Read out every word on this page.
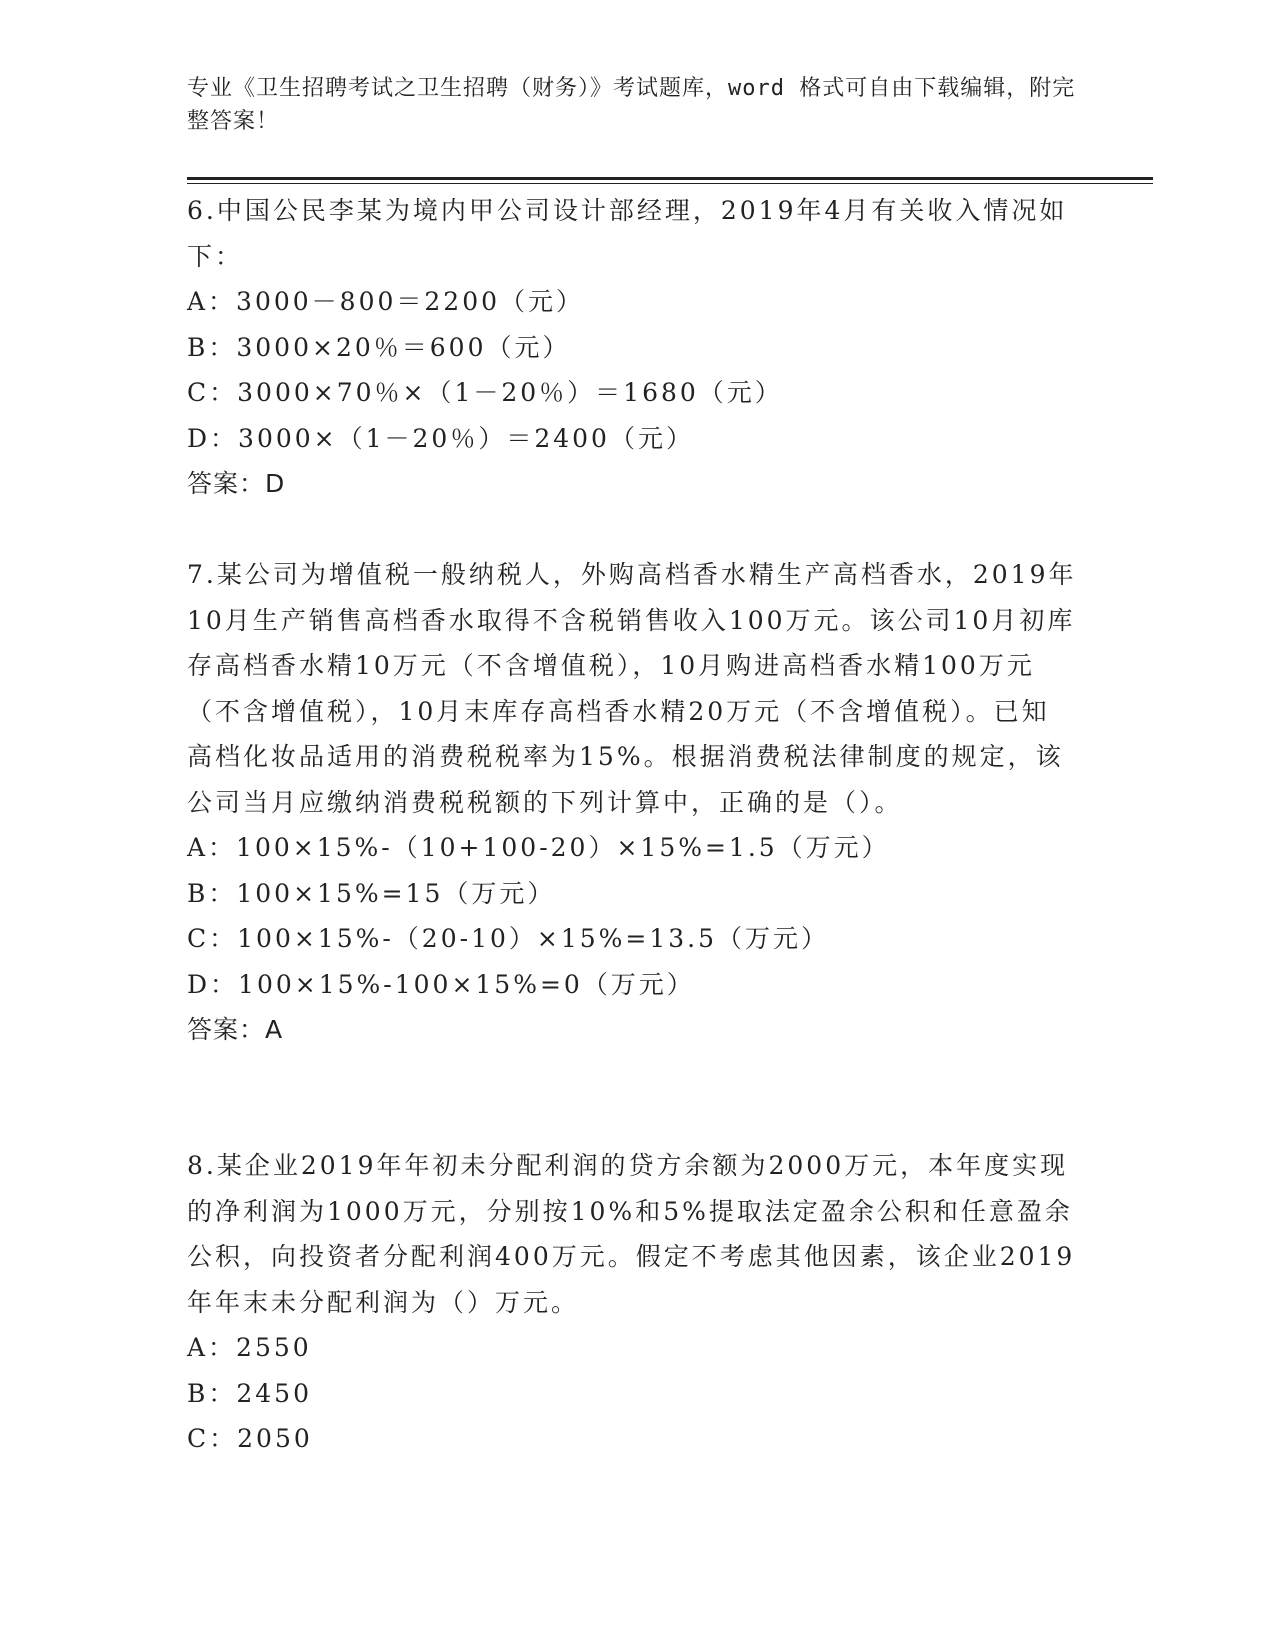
专业《卫生招聘考试之卫生招聘（财务）》考试题库，word 格式可自由下载编辑，附完整答案！

6.中国公民李某为境内甲公司设计部经理，2019年4月有关收入情况如下：

A：3000－800＝2200（元）

B：3000×20％＝600（元）

C：3000×70％×（1－20％）＝1680（元）

D：3000×（1－20％）＝2400（元）

答案：D

7.某公司为增值税一般纳税人，外购高档香水精生产高档香水，2019年10月生产销售高档香水取得不含税销售收入100万元。该公司10月初库存高档香水精10万元（不含增值税），10月购进高档香水精100万元（不含增值税），10月末库存高档香水精20万元（不含增值税）。已知高档化妆品适用的消费税税率为15%。根据消费税法律制度的规定，该公司当月应缴纳消费税税额的下列计算中，正确的是（）。

A：100×15%-（10+100-20）×15%=1.5（万元）

B：100×15%=15（万元）

C：100×15%-（20-10）×15%=13.5（万元）

D：100×15%-100×15%=0（万元）

答案：A

8.某企业2019年年初未分配利润的贷方余额为2000万元，本年度实现的净利润为1000万元，分别按10%和5%提取法定盈余公积和任意盈余公积，向投资者分配利润400万元。假定不考虑其他因素，该企业2019年年末未分配利润为（）万元。

A：2550

B：2450

C：2050
